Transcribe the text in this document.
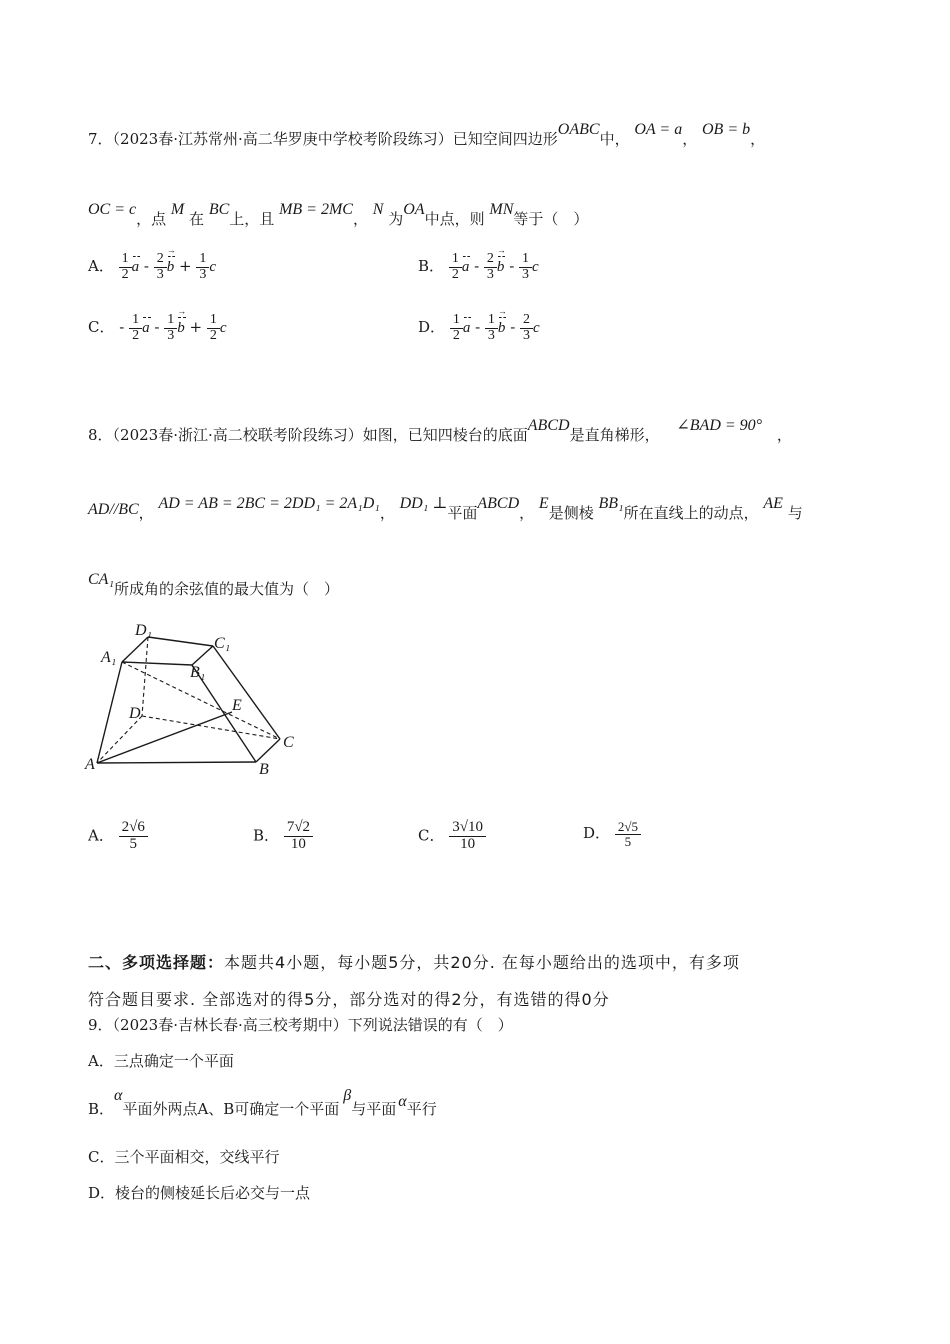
7．（2023春·江苏常州·高二华罗庚中学校考阶段练习）已知空间四边形OABC中， OA = a， OB = b，
OC = c，点 M 在 BC上，且 MB = 2MC， N 为OA中点，则 MN等于（　）
A． $\frac{1}{2}$ a - $\frac{2}{3}$ b → + $\frac{1}{3}$ c	B． $\frac{1}{2}$ a - $\frac{2}{3}$ b → - $\frac{1}{3}$ c
C． - $\frac{1}{2}$ a - $\frac{1}{3}$ b → + $\frac{1}{2}$ c	D． $\frac{1}{2}$ a - $\frac{1}{3}$ b → - $\frac{2}{3}$ c
8．（2023春·浙江·高二校联考阶段练习）如图，已知四棱台的底面ABCD是直角梯形， ∠BAD = 90° ，
AD//BC， AD = AB = 2BC = 2DD₁ = 2A₁D₁， DD₁ ⊥平面ABCD， E是侧棱 BB₁所在直线上的动点， AE 与
CA₁所成角的余弦值的最大值为（　）
D₁
C₁
A₁
B₁
E
D
C
A	B
A． $\frac{2√6}{5}$	B． $\frac{7√2}{10}$	C． $\frac{3√10}{10}$	D． $\frac{2√5}{5}$
二、多项选择题：本题共4小题，每小题5分，共20分. 在每小题给出的选项中，有多项
符合题目要求. 全部选对的得5分，部分选对的得2分，有选错的得0分
9．（2023春·吉林长春·高三校考期中）下列说法错误的有（　）
A．三点确定一个平面
B．α平面外两点A、B可确定一个平面β与平面 α平行
C．三个平面相交，交线平行
D．棱台的侧棱延长后必交与一点
